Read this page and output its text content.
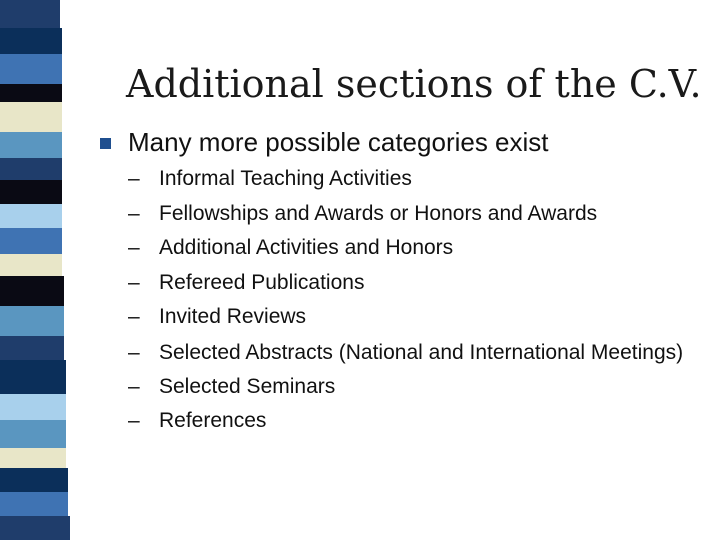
Additional sections of the C.V.
Many more possible categories exist
– Informal Teaching Activities
– Fellowships and Awards or Honors and Awards
– Additional Activities and Honors
– Refereed Publications
– Invited Reviews
– Selected Abstracts (National and International Meetings)
– Selected Seminars
– References
